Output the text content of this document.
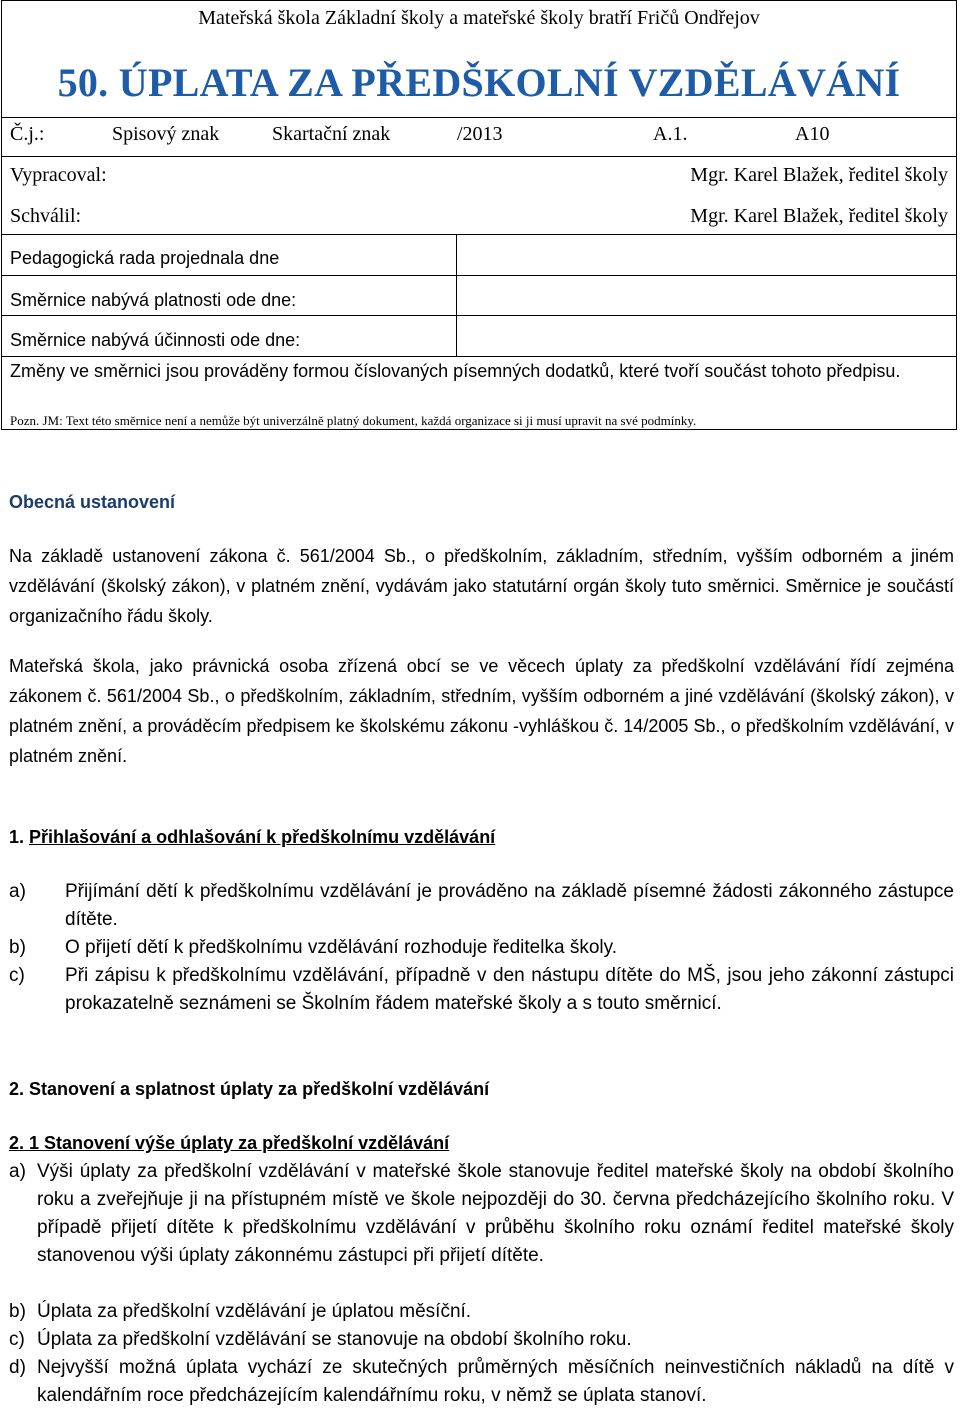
Mateřská škola Základní školy a mateřské školy bratří Fričů Ondřejov
50. ÚPLATA ZA PŘEDŠKOLNÍ VZDĚLÁVÁNÍ
Č.j.:	Spisový znak	Skartační znak	/2013	A.1.	A10
Vypracoval:	Mgr. Karel Blažek, ředitel školy
Schválil:	Mgr. Karel Blažek, ředitel školy
Pedagogická rada projednala dne
Směrnice nabývá platnosti ode dne:
Směrnice nabývá účinnosti ode dne:
Změny ve směrnici jsou prováděny formou číslovaných písemných dodatků, které tvoří součást tohoto předpisu.
Pozn. JM: Text této směrnice není a nemůže být univerzálně platný dokument, každá organizace si ji musí upravit na své podmínky.
Obecná ustanovení
Na základě ustanovení zákona č. 561/2004 Sb., o předškolním, základním, středním, vyšším odborném a jiném vzdělávání (školský zákon), v platném znění, vydávám jako statutární orgán školy tuto směrnici. Směrnice je součástí organizačního řádu školy.
Mateřská škola, jako právnická osoba zřízená obcí se ve věcech úplaty za předškolní vzdělávání řídí zejména zákonem č. 561/2004 Sb., o předškolním, základním, středním, vyšším odborném a jiné vzdělávání (školský zákon), v platném znění, a prováděcím předpisem ke školskému zákonu -vyhláškou č. 14/2005 Sb., o předškolním vzdělávání, v platném znění.
1. Přihlašování a odhlašování k předškolnímu vzdělávání
a) Přijímání dětí k předškolnímu vzdělávání je prováděno na základě písemné žádosti zákonného zástupce dítěte.
b) O přijetí dětí k předškolnímu vzdělávání rozhoduje ředitelka školy.
c) Při zápisu k předškolnímu vzdělávání, případně v den nástupu dítěte do MŠ, jsou jeho zákonní zástupci prokazatelně seznámeni se Školním řádem mateřské školy a s touto směrnicí.
2. Stanovení a splatnost úplaty za předškolní vzdělávání
2. 1 Stanovení výše úplaty za předškolní vzdělávání
a) Výši úplaty za předškolní vzdělávání v mateřské škole stanovuje ředitel mateřské školy na období školního roku a zveřejňuje ji na přístupném místě ve škole nejpozději do 30. června předcházejícího školního roku. V případě přijetí dítěte k předškolnímu vzdělávání v průběhu školního roku oznámí ředitel mateřské školy stanovenou výši úplaty zákonnému zástupci při přijetí dítěte.
b) Úplata za předškolní vzdělávání je úplatou měsíční.
c) Úplata za předškolní vzdělávání se stanovuje na období školního roku.
d) Nejvyšší možná úplata vychází ze skutečných průměrných měsíčních neinvestičních nákladů na dítě v kalendářním roce předcházejícím kalendářnímu roku, v němž se úplata stanoví.
